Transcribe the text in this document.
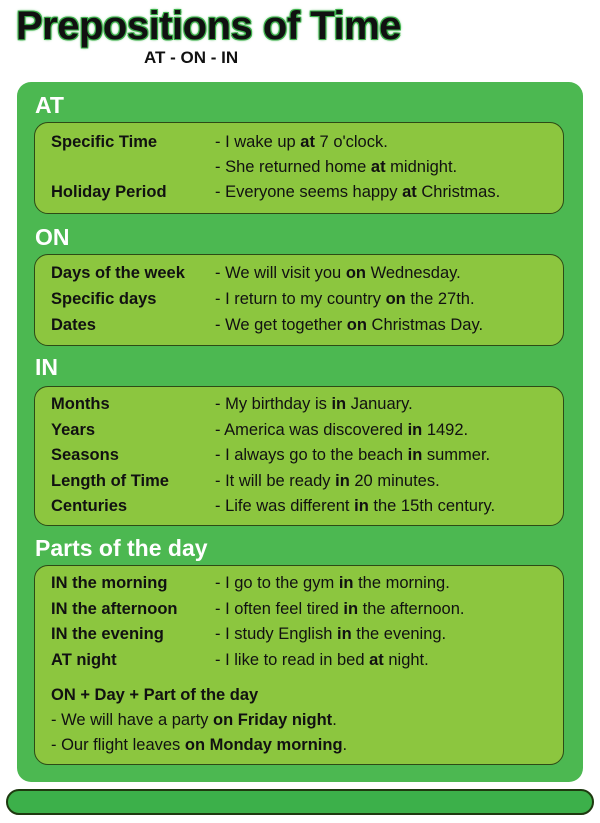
Prepositions of Time
AT - ON - IN
AT
Specific Time	- I wake up at 7 o'clock.
- She returned home at midnight.
Holiday Period	- Everyone seems happy at Christmas.
ON
Days of the week - We will visit you on Wednesday.
Specific days	- I return to my country on the 27th.
Dates	- We get together on Christmas Day.
IN
Months	- My birthday is in January.
Years	- America was discovered in 1492.
Seasons	- I always go to the beach in summer.
Length of Time	- It will be ready in 20 minutes.
Centuries	- Life was different in the 15th century.
Parts of the day
IN the morning	- I go to the gym in the morning.
IN the afternoon - I often feel tired in the afternoon.
IN the evening	- I study English in the evening.
AT night	- I like to read in bed at night.
ON + Day + Part of the day
- We will have a party on Friday night.
- Our flight leaves on Monday morning.
